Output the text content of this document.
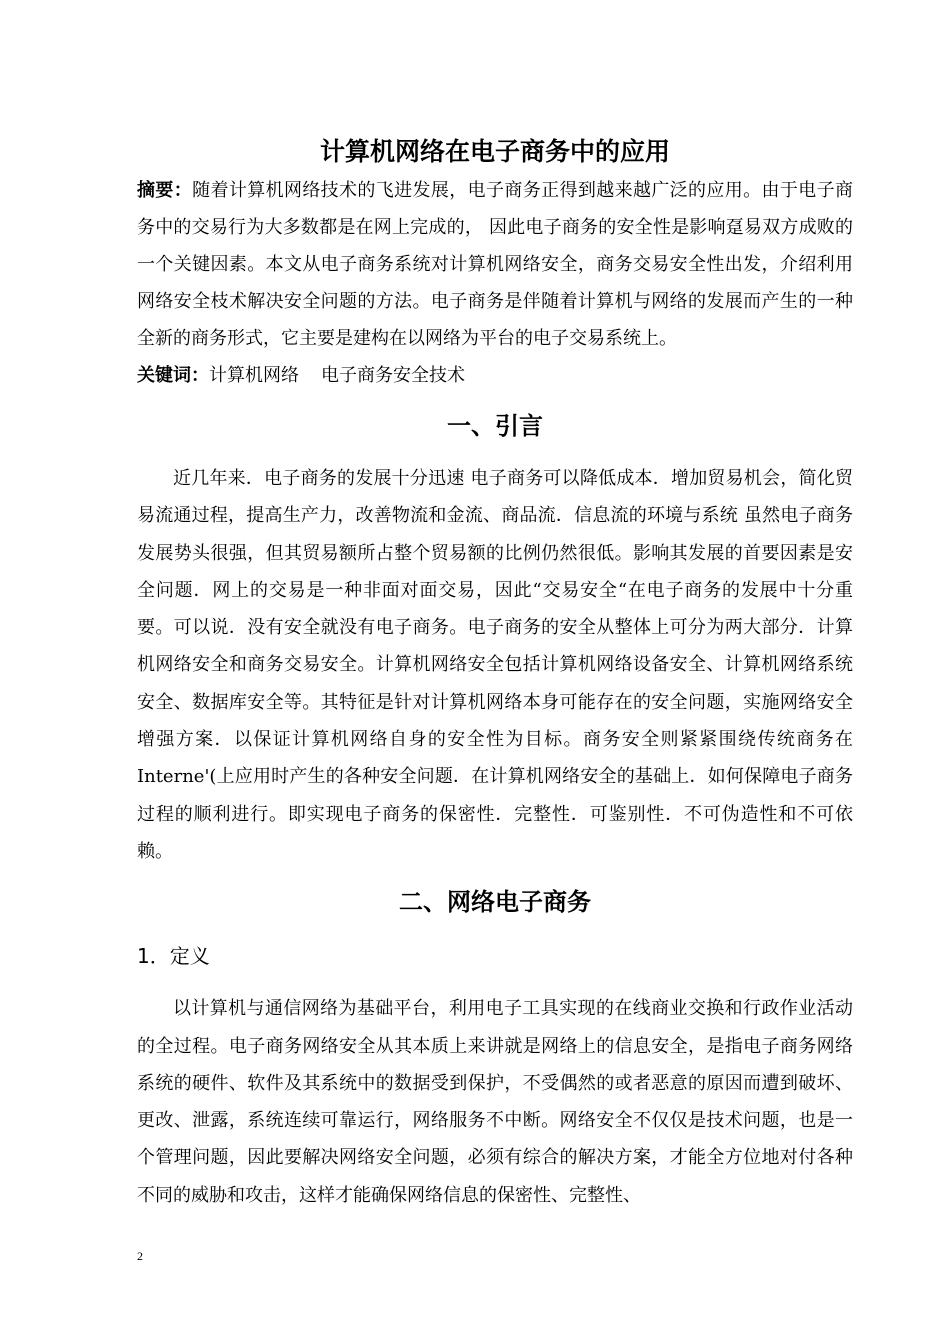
计算机网络在电子商务中的应用

摘要：随着计算机网络技术的飞进发展，电子商务正得到越来越广泛的应用。由于电子商务中的交易行为大多数都是在网上完成的， 因此电子商务的安全性是影响趸易双方成败的一个关键因素。本文从电子商务系统对计算机网络安全，商务交易安全性出发，介绍利用网络安全枝术解决安全问题的方法。电子商务是伴随着计算机与网络的发展而产生的一种全新的商务形式，它主要是建构在以网络为平台的电子交易系统上。

关键词：计算机网络 电子商务安全技术

一、引言

近几年来．电子商务的发展十分迅速 电子商务可以降低成本．增加贸易机会，简化贸易流通过程，提高生产力，改善物流和金流、商品流．信息流的环境与系统 虽然电子商务发展势头很强，但其贸易额所占整个贸易额的比例仍然很低。影响其发展的首要因素是安全问题．网上的交易是一种非面对面交易，因此“交易安全“在电子商务的发展中十分重要。可以说．没有安全就没有电子商务。电子商务的安全从整体上可分为两大部分．计算机网络安全和商务交易安全。计算机网络安全包括计算机网络设备安全、计算机网络系统安全、数据库安全等。其特征是针对计算机网络本身可能存在的安全问题，实施网络安全增强方案．以保证计算机网络自身的安全性为目标。商务安全则紧紧围绕传统商务在Interne'(上应用时产生的各种安全问题．在计算机网络安全的基础上．如何保障电子商务过程的顺利进行。即实现电子商务的保密性．完整性．可鉴别性．不可伪造性和不可依赖。

二、网络电子商务
1．定义

以计算机与通信网络为基础平台，利用电子工具实现的在线商业交换和行政作业活动的全过程。电子商务网络安全从其本质上来讲就是网络上的信息安全，是指电子商务网络系统的硬件、软件及其系统中的数据受到保护，不受偶然的或者恶意的原因而遭到破坏、更改、泄露，系统连续可靠运行，网络服务不中断。网络安全不仅仅是技术问题，也是一个管理问题，因此要解决网络安全问题，必须有综合的解决方案，才能全方位地对付各种不同的威胁和攻击，这样才能确保网络信息的保密性、完整性、

2
